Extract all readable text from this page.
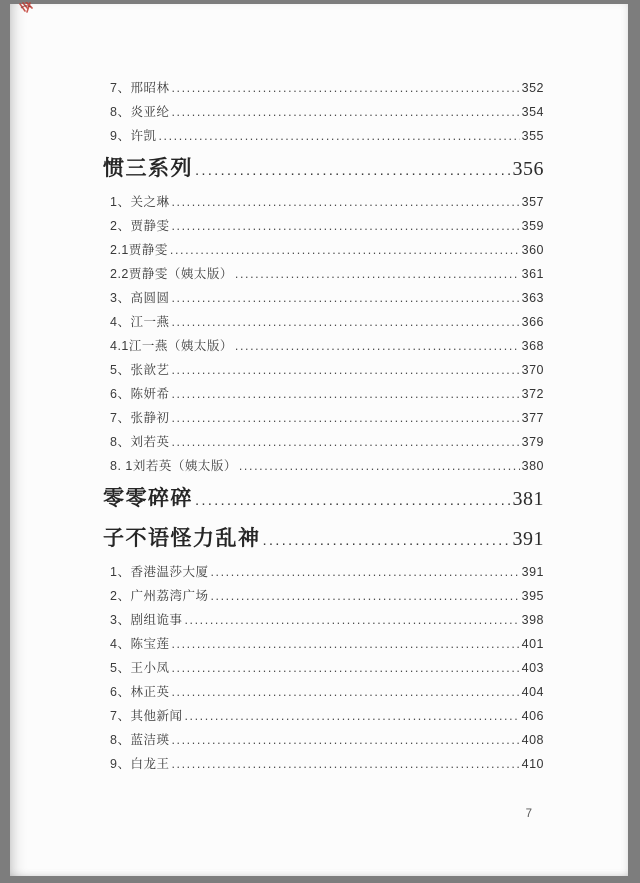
7、邢昭林 .....	352
8、炎亚纶 .....	354
9、许凯 .....	355
惯三系列 .....	356
1、关之琳 .....	357
2、贾静雯 .....	359
2.1贾静雯 .....	360
2.2贾静雯（姨太版） .....	361
3、高圆圆 .....	363
4、江一燕 .....	366
4.1江一燕（姨太版） .....	368
5、张歆艺 .....	370
6、陈妍希 .....	372
7、张静初 .....	377
8、刘若英 .....	379
8. 1刘若英（姨太版） .....	380
零零碎碎 .....	381
子不语怪力乱神 .....	391
1、香港温莎大厦 .....	391
2、广州荔湾广场 .....	395
3、剧组诡事 .....	398
4、陈宝莲 .....	401
5、王小凤 .....	403
6、林正英 .....	404
7、其他新闻 .....	406
8、蓝洁瑛 .....	408
9、白龙王 .....	410
7
